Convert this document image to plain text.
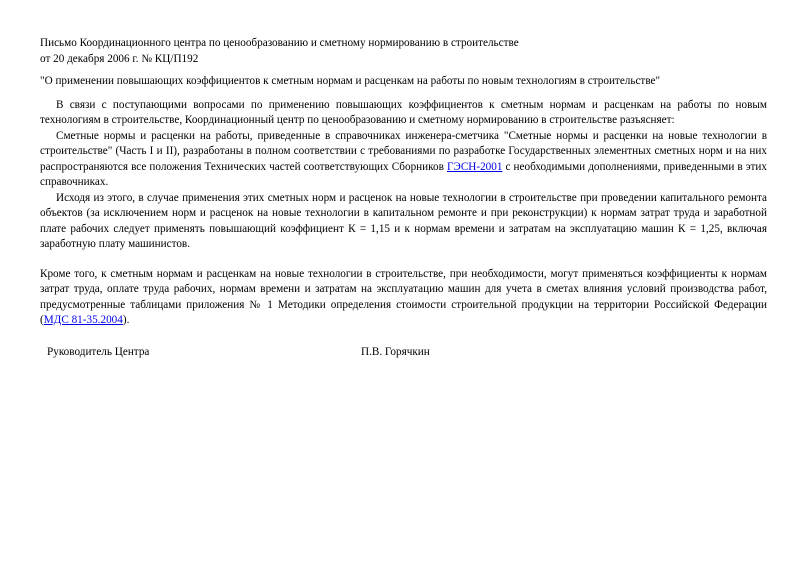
Письмо Координационного центра по ценообразованию и сметному нормированию в строительстве
от 20 декабря 2006 г. № КЦ/П192
"О применении повышающих коэффициентов к сметным нормам и расценкам на работы по новым технологиям в строительстве"

В связи с поступающими вопросами по применению повышающих коэффициентов к сметным нормам и расценкам на работы по новым технологиям в строительстве, Координационный центр по ценообразованию и сметному нормированию в строительстве разъясняет:

Сметные нормы и расценки на работы, приведенные в справочниках инженера-сметчика "Сметные нормы и расценки на новые технологии в строительстве" (Часть I и II), разработаны в полном соответствии с требованиями по разработке Государственных элементных сметных норм и на них распространяются все положения Технических частей соответствующих Сборников ГЭСН-2001 с необходимыми дополнениями, приведенными в этих справочниках.

Исходя из этого, в случае применения этих сметных норм и расценок на новые технологии в строительстве при проведении капитального ремонта объектов (за исключением норм и расценок на новые технологии в капитальном ремонте и при реконструкции) к нормам затрат труда и заработной плате рабочих следует применять повышающий коэффициент К = 1,15 и к нормам времени и затратам на эксплуатацию машин К = 1,25, включая заработную плату машинистов.

Кроме того, к сметным нормам и расценкам на новые технологии в строительстве, при необходимости, могут применяться коэффициенты к нормам затрат труда, оплате труда рабочих, нормам времени и затратам на эксплуатацию машин для учета в сметах влияния условий производства работ, предусмотренные таблицами приложения № 1 Методики определения стоимости строительной продукции на территории Российской Федерации (МДС 81-35.2004).

Руководитель Центра	П.В. Горячкин
